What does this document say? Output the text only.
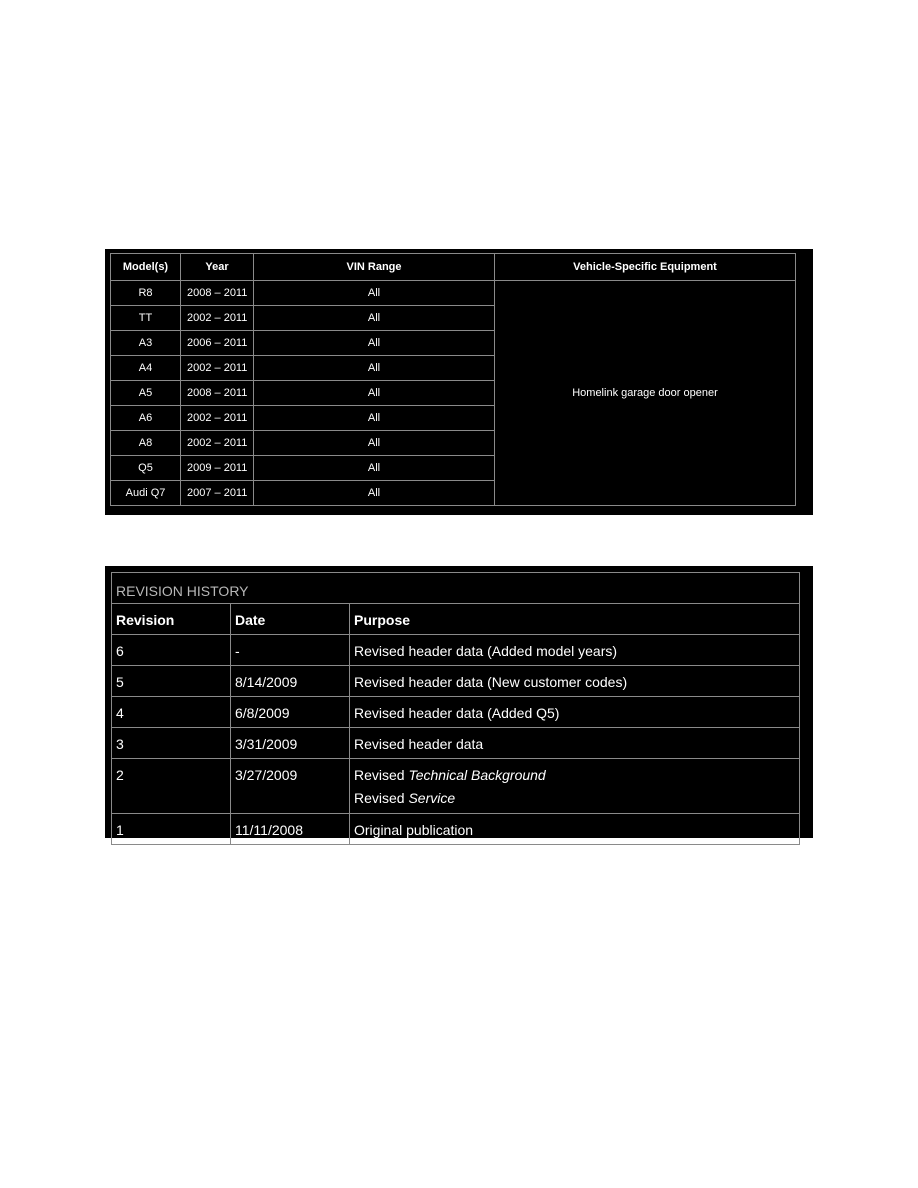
Model(s)	Year	VIN Range	Vehicle-Specific Equipment
R8	2008 – 2011	All	Homelink garage door opener
TT	2002 – 2011	All	
A3	2006 – 2011	All	
A4	2002 – 2011	All	
A5	2008 – 2011	All	
A6	2002 – 2011	All	
A8	2002 – 2011	All	
Q5	2009 – 2011	All	
Audi Q7	2007 – 2011	All	
REVISION HISTORY		
Revision	Date	Purpose
6	-	Revised header data (Added model years)
5	8/14/2009	Revised header data (New customer codes)
4	6/8/2009	Revised header data (Added Q5)
3	3/31/2009	Revised header data
2	3/27/2009	Revised Technical Background
Revised Service

1	11/11/2008	Original publication
